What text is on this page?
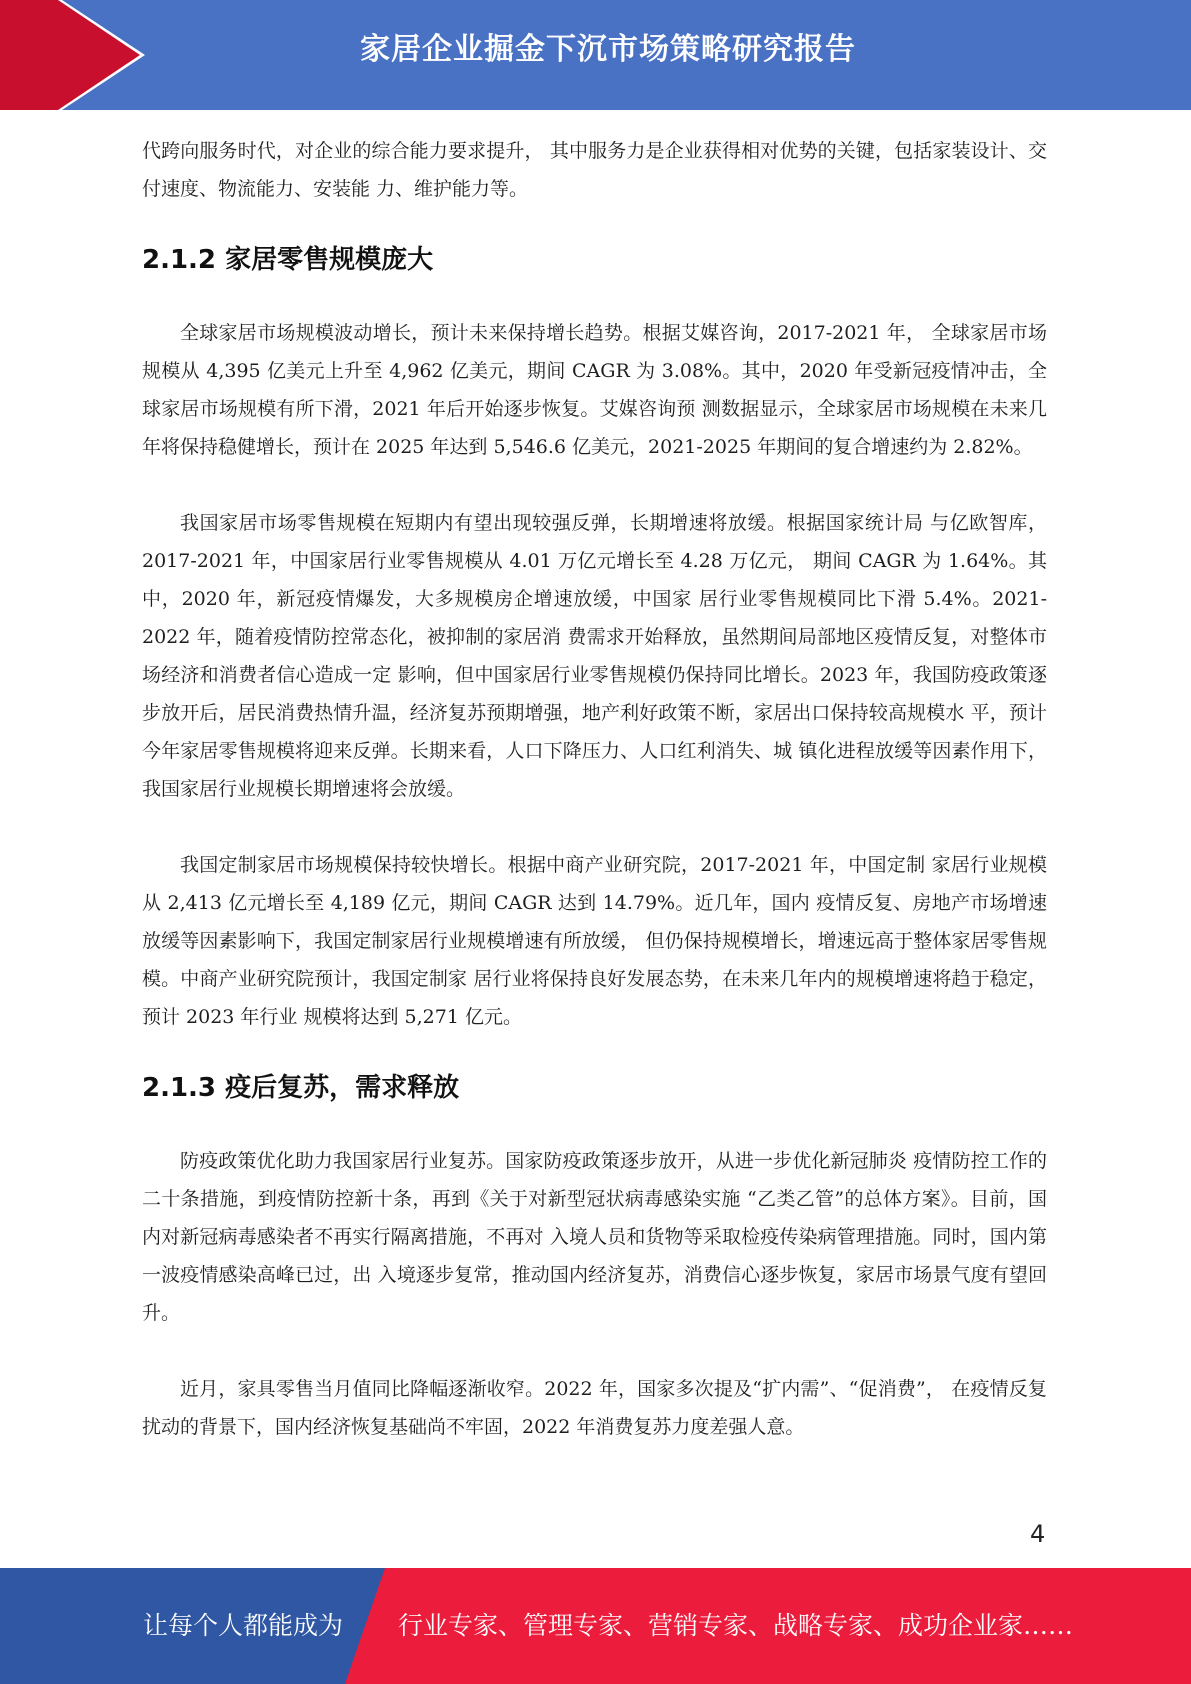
家居企业掘金下沉市场策略研究报告

代跨向服务时代，对企业的综合能力要求提升， 其中服务力是企业获得相对优势的关键，包括家装设计、交付速度、物流能力、安装能 力、维护能力等。

2.1.2 家居零售规模庞大

全球家居市场规模波动增长，预计未来保持增长趋势。根据艾媒咨询，2017-2021 年， 全球家居市场规模从 4,395 亿美元上升至 4,962 亿美元，期间 CAGR 为 3.08%。其中，2020 年受新冠疫情冲击，全球家居市场规模有所下滑，2021 年后开始逐步恢复。艾媒咨询预 测数据显示，全球家居市场规模在未来几年将保持稳健增长，预计在 2025 年达到 5,546.6 亿美元，2021-2025 年期间的复合增速约为 2.82%。

我国家居市场零售规模在短期内有望出现较强反弹，长期增速将放缓。根据国家统计局 与亿欧智库，2017-2021 年，中国家居行业零售规模从 4.01 万亿元增长至 4.28 万亿元， 期间 CAGR 为 1.64%。其中，2020 年，新冠疫情爆发，大多规模房企增速放缓，中国家 居行业零售规模同比下滑 5.4%。2021-2022 年，随着疫情防控常态化，被抑制的家居消 费需求开始释放，虽然期间局部地区疫情反复，对整体市场经济和消费者信心造成一定 影响，但中国家居行业零售规模仍保持同比增长。2023 年，我国防疫政策逐步放开后，居民消费热情升温，经济复苏预期增强，地产利好政策不断，家居出口保持较高规模水 平，预计今年家居零售规模将迎来反弹。长期来看，人口下降压力、人口红利消失、城 镇化进程放缓等因素作用下，我国家居行业规模长期增速将会放缓。

我国定制家居市场规模保持较快增长。根据中商产业研究院，2017-2021 年，中国定制 家居行业规模从 2,413 亿元增长至 4,189 亿元，期间 CAGR 达到 14.79%。近几年，国内 疫情反复、房地产市场增速放缓等因素影响下，我国定制家居行业规模增速有所放缓， 但仍保持规模增长，增速远高于整体家居零售规模。中商产业研究院预计，我国定制家 居行业将保持良好发展态势，在未来几年内的规模增速将趋于稳定，预计 2023 年行业 规模将达到 5,271 亿元。

2.1.3 疫后复苏，需求释放

防疫政策优化助力我国家居行业复苏。国家防疫政策逐步放开，从进一步优化新冠肺炎 疫情防控工作的二十条措施，到疫情防控新十条，再到《关于对新型冠状病毒感染实施 “乙类乙管”的总体方案》。目前，国内对新冠病毒感染者不再实行隔离措施，不再对 入境人员和货物等采取检疫传染病管理措施。同时，国内第一波疫情感染高峰已过，出 入境逐步复常，推动国内经济复苏，消费信心逐步恢复，家居市场景气度有望回升。

近月，家具零售当月值同比降幅逐渐收窄。2022 年，国家多次提及“扩内需”、“促消费”， 在疫情反复扰动的背景下，国内经济恢复基础尚不牢固，2022 年消费复苏力度差强人意。

4
让每个人都能成为 行业专家、管理专家、营销专家、战略专家、成功企业家……
